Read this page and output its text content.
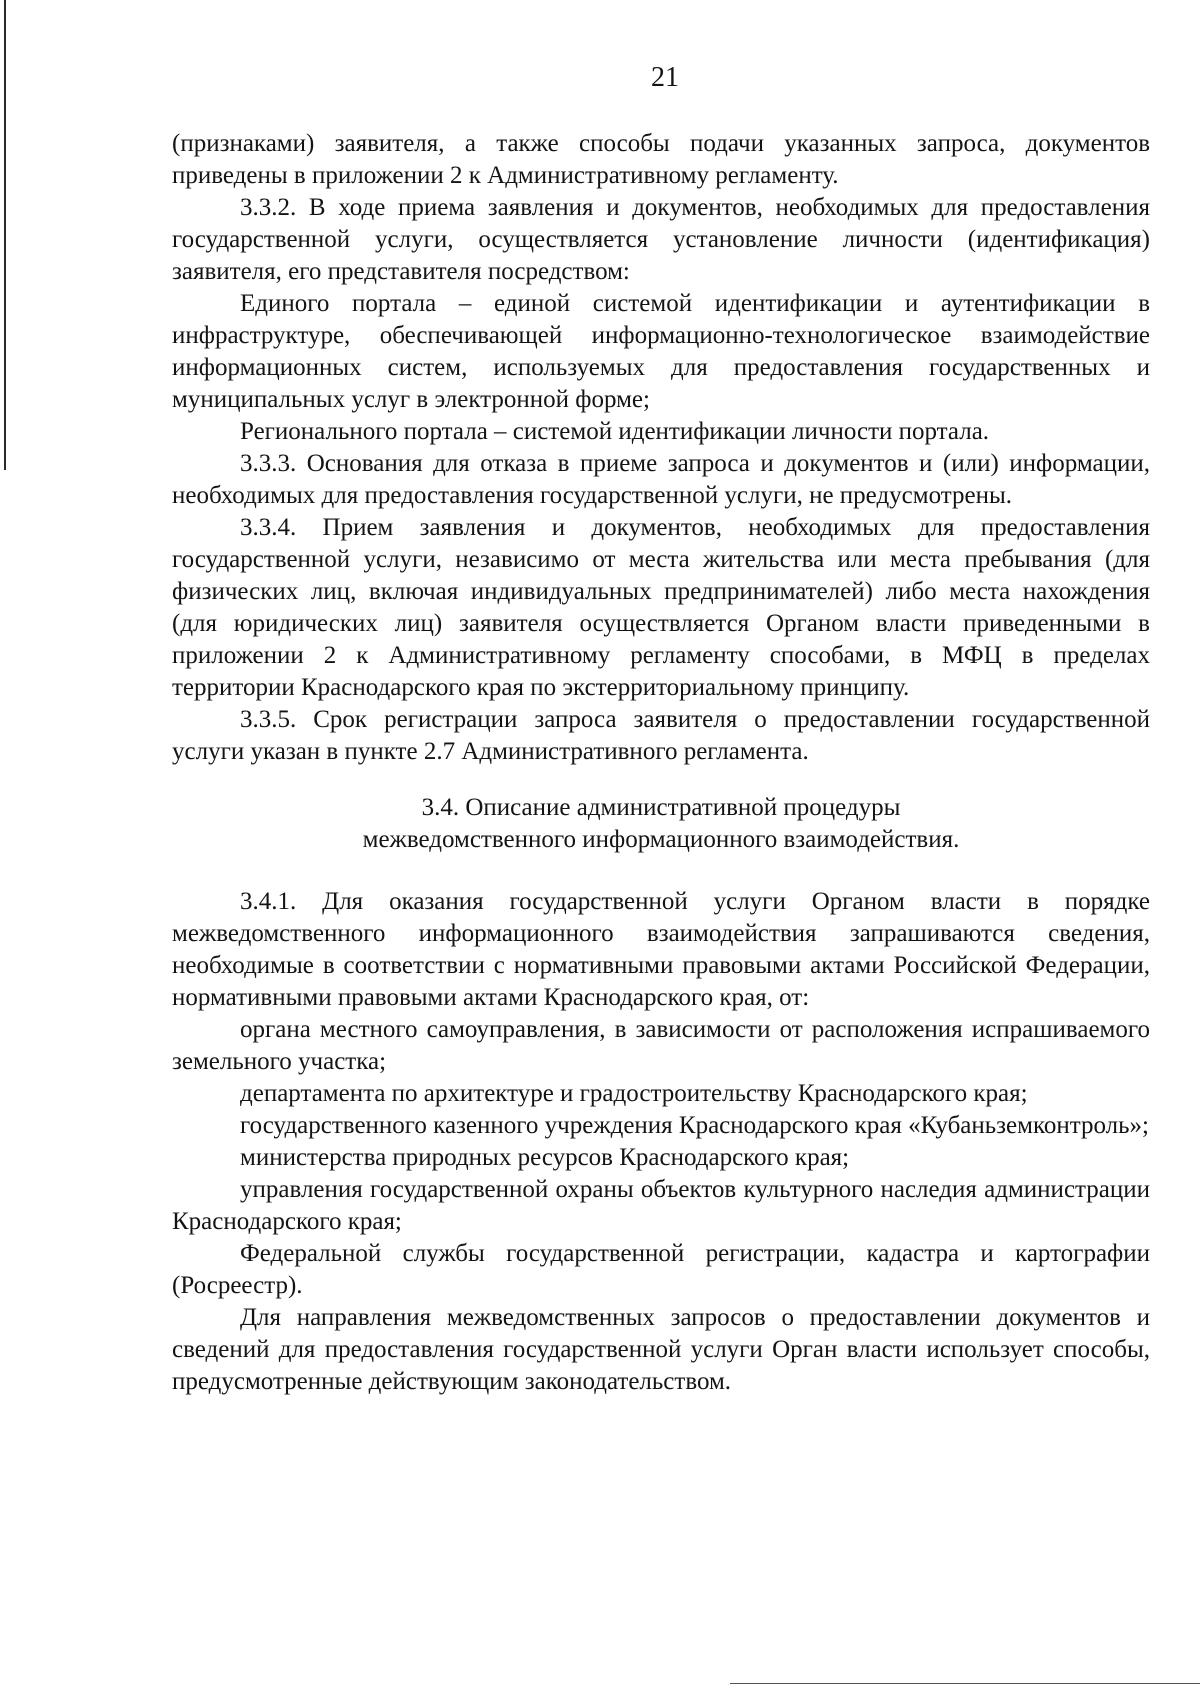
21

(признаками) заявителя, а также способы подачи указанных запроса, документов приведены в приложении 2 к Административному регламенту.

3.3.2. В ходе приема заявления и документов, необходимых для предоставления государственной услуги, осуществляется установление личности (идентификация) заявителя, его представителя посредством:

Единого портала – единой системой идентификации и аутентификации в инфраструктуре, обеспечивающей информационно-технологическое взаимодействие информационных систем, используемых для предоставления государственных и муниципальных услуг в электронной форме;

Регионального портала – системой идентификации личности портала.

3.3.3. Основания для отказа в приеме запроса и документов и (или) информации, необходимых для предоставления государственной услуги, не предусмотрены.

3.3.4. Прием заявления и документов, необходимых для предоставления государственной услуги, независимо от места жительства или места пребывания (для физических лиц, включая индивидуальных предпринимателей) либо места нахождения (для юридических лиц) заявителя осуществляется Органом власти приведенными в приложении 2 к Административному регламенту способами, в МФЦ в пределах территории Краснодарского края по экстерриториальному принципу.

3.3.5. Срок регистрации запроса заявителя о предоставлении государственной услуги указан в пункте 2.7 Административного регламента.

3.4. Описание административной процедуры
межведомственного информационного взаимодействия.

3.4.1. Для оказания государственной услуги Органом власти в порядке межведомственного информационного взаимодействия запрашиваются сведения, необходимые в соответствии с нормативными правовыми актами Российской Федерации, нормативными правовыми актами Краснодарского края, от:

органа местного самоуправления, в зависимости от расположения испрашиваемого земельного участка;

департамента по архитектуре и градостроительству Краснодарского края;

государственного казенного учреждения Краснодарского края «Кубаньземконтроль»;

министерства природных ресурсов Краснодарского края;

управления государственной охраны объектов культурного наследия администрации Краснодарского края;

Федеральной службы государственной регистрации, кадастра и картографии (Росреестр).

Для направления межведомственных запросов о предоставлении документов и сведений для предоставления государственной услуги Орган власти использует способы, предусмотренные действующим законодательством.
